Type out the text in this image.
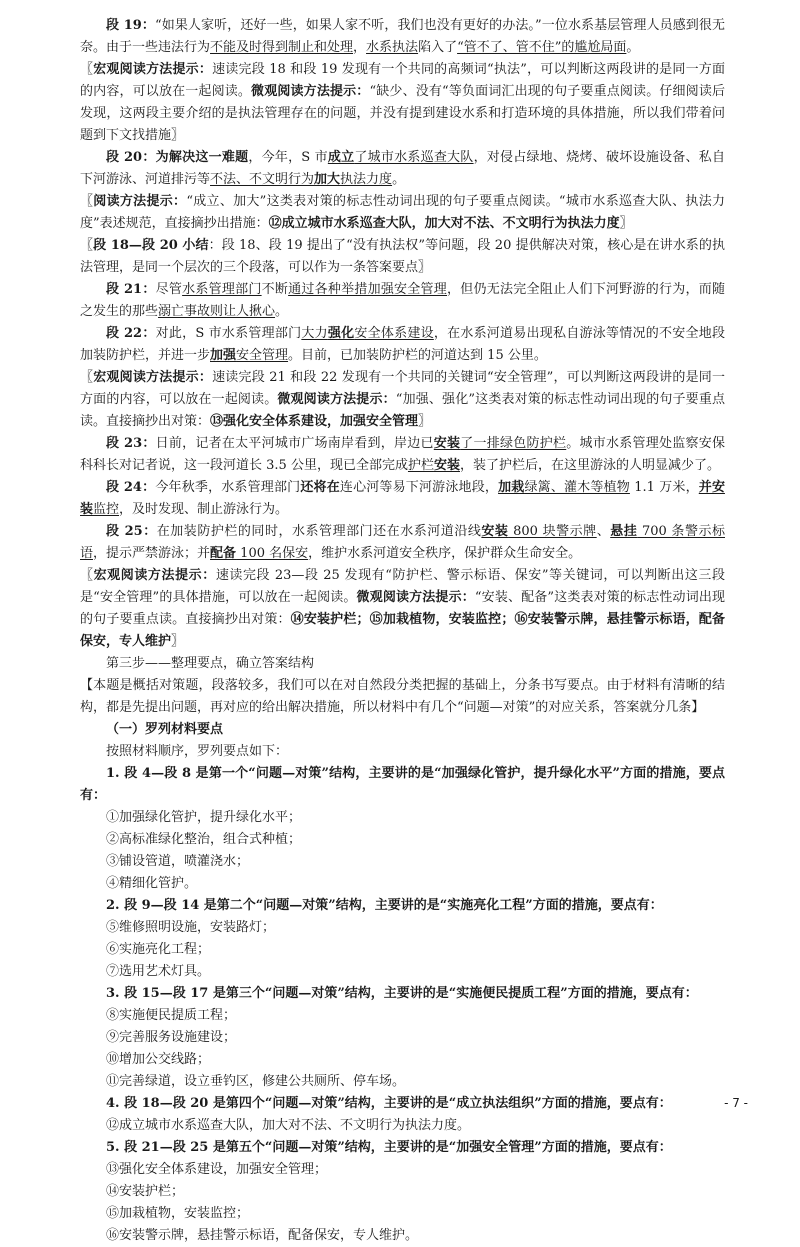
段 19：“如果人家听，还好一些，如果人家不听，我们也没有更好的办法。”一位水系基层管理人员感到很无奈。由于一些违法行为不能及时得到制止和处理，水系执法陷入了“管不了、管不住”的尴尬局面。

〖宏观阅读方法提示：速读完段 18 和段 19 发现有一个共同的高频词“执法”，可以判断这两段讲的是同一方面的内容，可以放在一起阅读。微观阅读方法提示：“缺少、没有“等负面词汇出现的句子要重点阅读。仔细阅读后发现，这两段主要介绍的是执法管理存在的问题，并没有提到建设水系和打造环境的具体措施，所以我们带着问题到下文找措施〗

段 20：为解决这一难题，今年，S 市成立了城市水系巡查大队，对侵占绿地、烧烤、破坏设施设备、私自下河游泳、河道排污等不法、不文明行为加大执法力度。

〖阅读方法提示：“成立、加大”这类表对策的标志性动词出现的句子要重点阅读。“城市水系巡查大队、执法力度”表述规范，直接摘抄出措施：⑫成立城市水系巡查大队，加大对不法、不文明行为执法力度〗

〖段 18—段 20 小结：段 18、段 19 提出了“没有执法权”等问题，段 20 提供解决对策，核心是在讲水系的执法管理，是同一个层次的三个段落，可以作为一条答案要点〗

段 21：尽管水系管理部门不断通过各种举措加强安全管理，但仍无法完全阻止人们下河野游的行为，而随之发生的那些溺亡事故则让人揪心。

段 22：对此，S 市水系管理部门大力强化安全体系建设，在水系河道易出现私自游泳等情况的不安全地段加装防护栏，并进一步加强安全管理。目前，已加装防护栏的河道达到 15 公里。

〖宏观阅读方法提示：速读完段 21 和段 22 发现有一个共同的关键词“安全管理”，可以判断这两段讲的是同一方面的内容，可以放在一起阅读。微观阅读方法提示：“加强、强化”这类表对策的标志性动词出现的句子要重点读。直接摘抄出对策：⑬强化安全体系建设，加强安全管理〗

段 23：日前，记者在太平河城市广场南岸看到，岸边已安装了一排绿色防护栏。城市水系管理处监察安保科科长对记者说，这一段河道长 3.5 公里，现已全部完成护栏安装，装了护栏后，在这里游泳的人明显减少了。

段 24：今年秋季，水系管理部门还将在连心河等易下河游泳地段，加栽绿篱、灌木等植物 1.1 万米，并安装监控，及时发现、制止游泳行为。

段 25：在加装防护栏的同时，水系管理部门还在水系河道沿线安装 800 块警示牌、悬挂 700 条警示标语，提示严禁游泳；并配备 100 名保安，维护水系河道安全秩序，保护群众生命安全。

〖宏观阅读方法提示：速读完段 23—段 25 发现有“防护栏、警示标语、保安”等关键词，可以判断出这三段是“安全管理”的具体措施，可以放在一起阅读。微观阅读方法提示：“安装、配备”这类表对策的标志性动词出现的句子要重点读。直接摘抄出对策：⑭安装护栏；⑮加栽植物，安装监控；⑯安装警示牌，悬挂警示标语，配备保安，专人维护〗

第三步——整理要点，确立答案结构

【本题是概括对策题，段落较多，我们可以在对自然段分类把握的基础上，分条书写要点。由于材料有清晰的结构，都是先提出问题，再对应的给出解决措施，所以材料中有几个“问题—对策”的对应关系，答案就分几条】

（一）罗列材料要点

按照材料顺序，罗列要点如下：

1. 段 4—段 8 是第一个“问题—对策”结构，主要讲的是“加强绿化管护，提升绿化水平”方面的措施，要点有：

①加强绿化管护，提升绿化水平；

②高标准绿化整治，组合式种植；

③铺设管道，喷灌浇水；

④精细化管护。

2. 段 9—段 14 是第二个“问题—对策”结构，主要讲的是“实施亮化工程”方面的措施，要点有：

⑤维修照明设施，安装路灯；

⑥实施亮化工程；

⑦选用艺术灯具。

3. 段 15—段 17 是第三个“问题—对策”结构，主要讲的是“实施便民提质工程”方面的措施，要点有：

⑧实施便民提质工程；

⑨完善服务设施建设；

⑩增加公交线路；

⑪完善绿道，设立垂钓区，修建公共厕所、停车场。

4. 段 18—段 20 是第四个“问题—对策”结构，主要讲的是“成立执法组织”方面的措施，要点有：

⑫成立城市水系巡查大队，加大对不法、不文明行为执法力度。

5. 段 21—段 25 是第五个“问题—对策”结构，主要讲的是“加强安全管理”方面的措施，要点有：

⑬强化安全体系建设，加强安全管理；

⑭安装护栏；

⑮加栽植物，安装监控；

⑯安装警示牌，悬挂警示标语，配备保安，专人维护。

- 7 -
